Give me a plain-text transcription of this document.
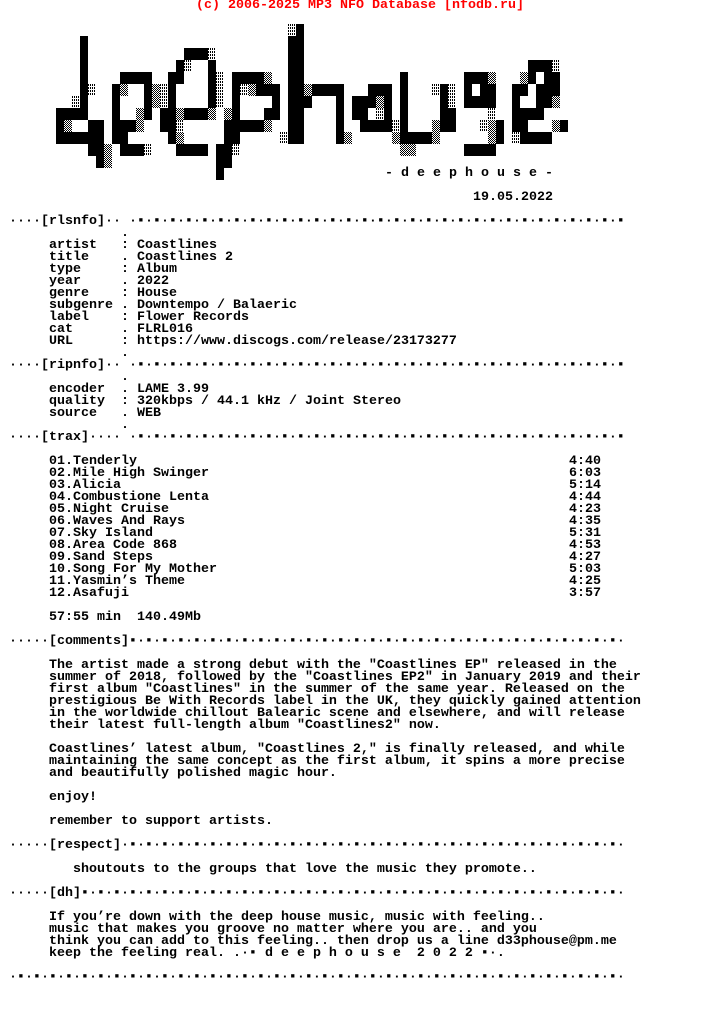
(c) 2006-2025 MP3 NFO Database [nfodb.ru]
- d e e p h o u s e -
19.05.2022
····[rlsnfo]·· ·▪·▪·▪·▪·▪·▪·▪·▪·▪·▪·▪·▪·▪·▪·▪·▪·▪·▪·▪·▪·▪·▪·▪·▪·▪·▪·▪·▪·▪·▪·▪
.
artist : Coastlines
title . Coastlines 2
type	: Album
year	. 2022
genre : House
subgenre . Downtempo / Balaeric
label : Flower Records
cat	. FLRL016
URL	: https://www.discogs.com/release/23173277
.
····[ripnfo]·· ·▪·▪·▪·▪·▪·▪·▪·▪·▪·▪·▪·▪·▪·▪·▪·▪·▪·▪·▪·▪·▪·▪·▪·▪·▪·▪·▪·▪·▪·▪·▪
.
encoder . LAME 3.99
quality : 320kbps / 44.1 kHz / Joint Stereo
source . WEB
.
····[trax]···· ·▪·▪·▪·▪·▪·▪·▪·▪·▪·▪·▪·▪·▪·▪·▪·▪·▪·▪·▪·▪·▪·▪·▪·▪·▪·▪·▪·▪·▪·▪·▪
01.Tenderly	4:40
02.Mile High Swinger	6:03
03.Alicia	5:14
04.Combustione Lenta	4:44
05.Night Cruise	4:23
06.Waves And Rays	4:35
07.Sky Island	5:31
08.Area Code 868	4:53
09.Sand Steps	4:27
10.Song For My Mother	5:03
11.Yasmin’s Theme	4:25
12.Asafuji	3:57
57:55 min  140.49Mb
·····[comments]▪·▪·▪·▪·▪·▪·▪·▪·▪·▪·▪·▪·▪·▪·▪·▪·▪·▪·▪·▪·▪·▪·▪·▪·▪·▪·▪·▪·▪·▪·▪·
The artist made a strong debut with the "Coastlines EP" released in the
summer of 2018, followed by the "Coastlines EP2" in January 2019 and their
first album "Coastlines" in the summer of the same year. Released on the
prestigious Be With Records label in the UK, they quickly gained attention
in the worldwide chillout Balearic scene and elsewhere, and will release
their latest full-length album "Coastlines2" now.
Coastlines’ latest album, "Coastlines 2," is finally released, and while
maintaining the same concept as the first album, it spins a more precise
and beautifully polished magic hour.
enjoy!
remember to support artists.
·····[respect]·▪·▪·▪·▪·▪·▪·▪·▪·▪·▪·▪·▪·▪·▪·▪·▪·▪·▪·▪·▪·▪·▪·▪·▪·▪·▪·▪·▪·▪·▪·▪·
shoutouts to the groups that love the music they promote..
·····[dh]▪·▪·▪·▪·▪·▪·▪·▪·▪·▪·▪·▪·▪·▪·▪·▪·▪·▪·▪·▪·▪·▪·▪·▪·▪·▪·▪·▪·▪·▪·▪·▪·▪·▪·
If you’re down with the deep house music, music with feeling..
music that makes you groove no matter where you are.. and you
think you can add to this feeling.. then drop us a line d33phouse@pm.me
keep the feeling real. .·▪ d e e p h o u s e  2 0 2 2 ▪·.
·▪·▪·▪·▪·▪·▪·▪·▪·▪·▪·▪·▪·▪·▪·▪·▪·▪·▪·▪·▪·▪·▪·▪·▪·▪·▪·▪·▪·▪·▪·▪·▪·▪·▪·▪·▪·▪·▪·
